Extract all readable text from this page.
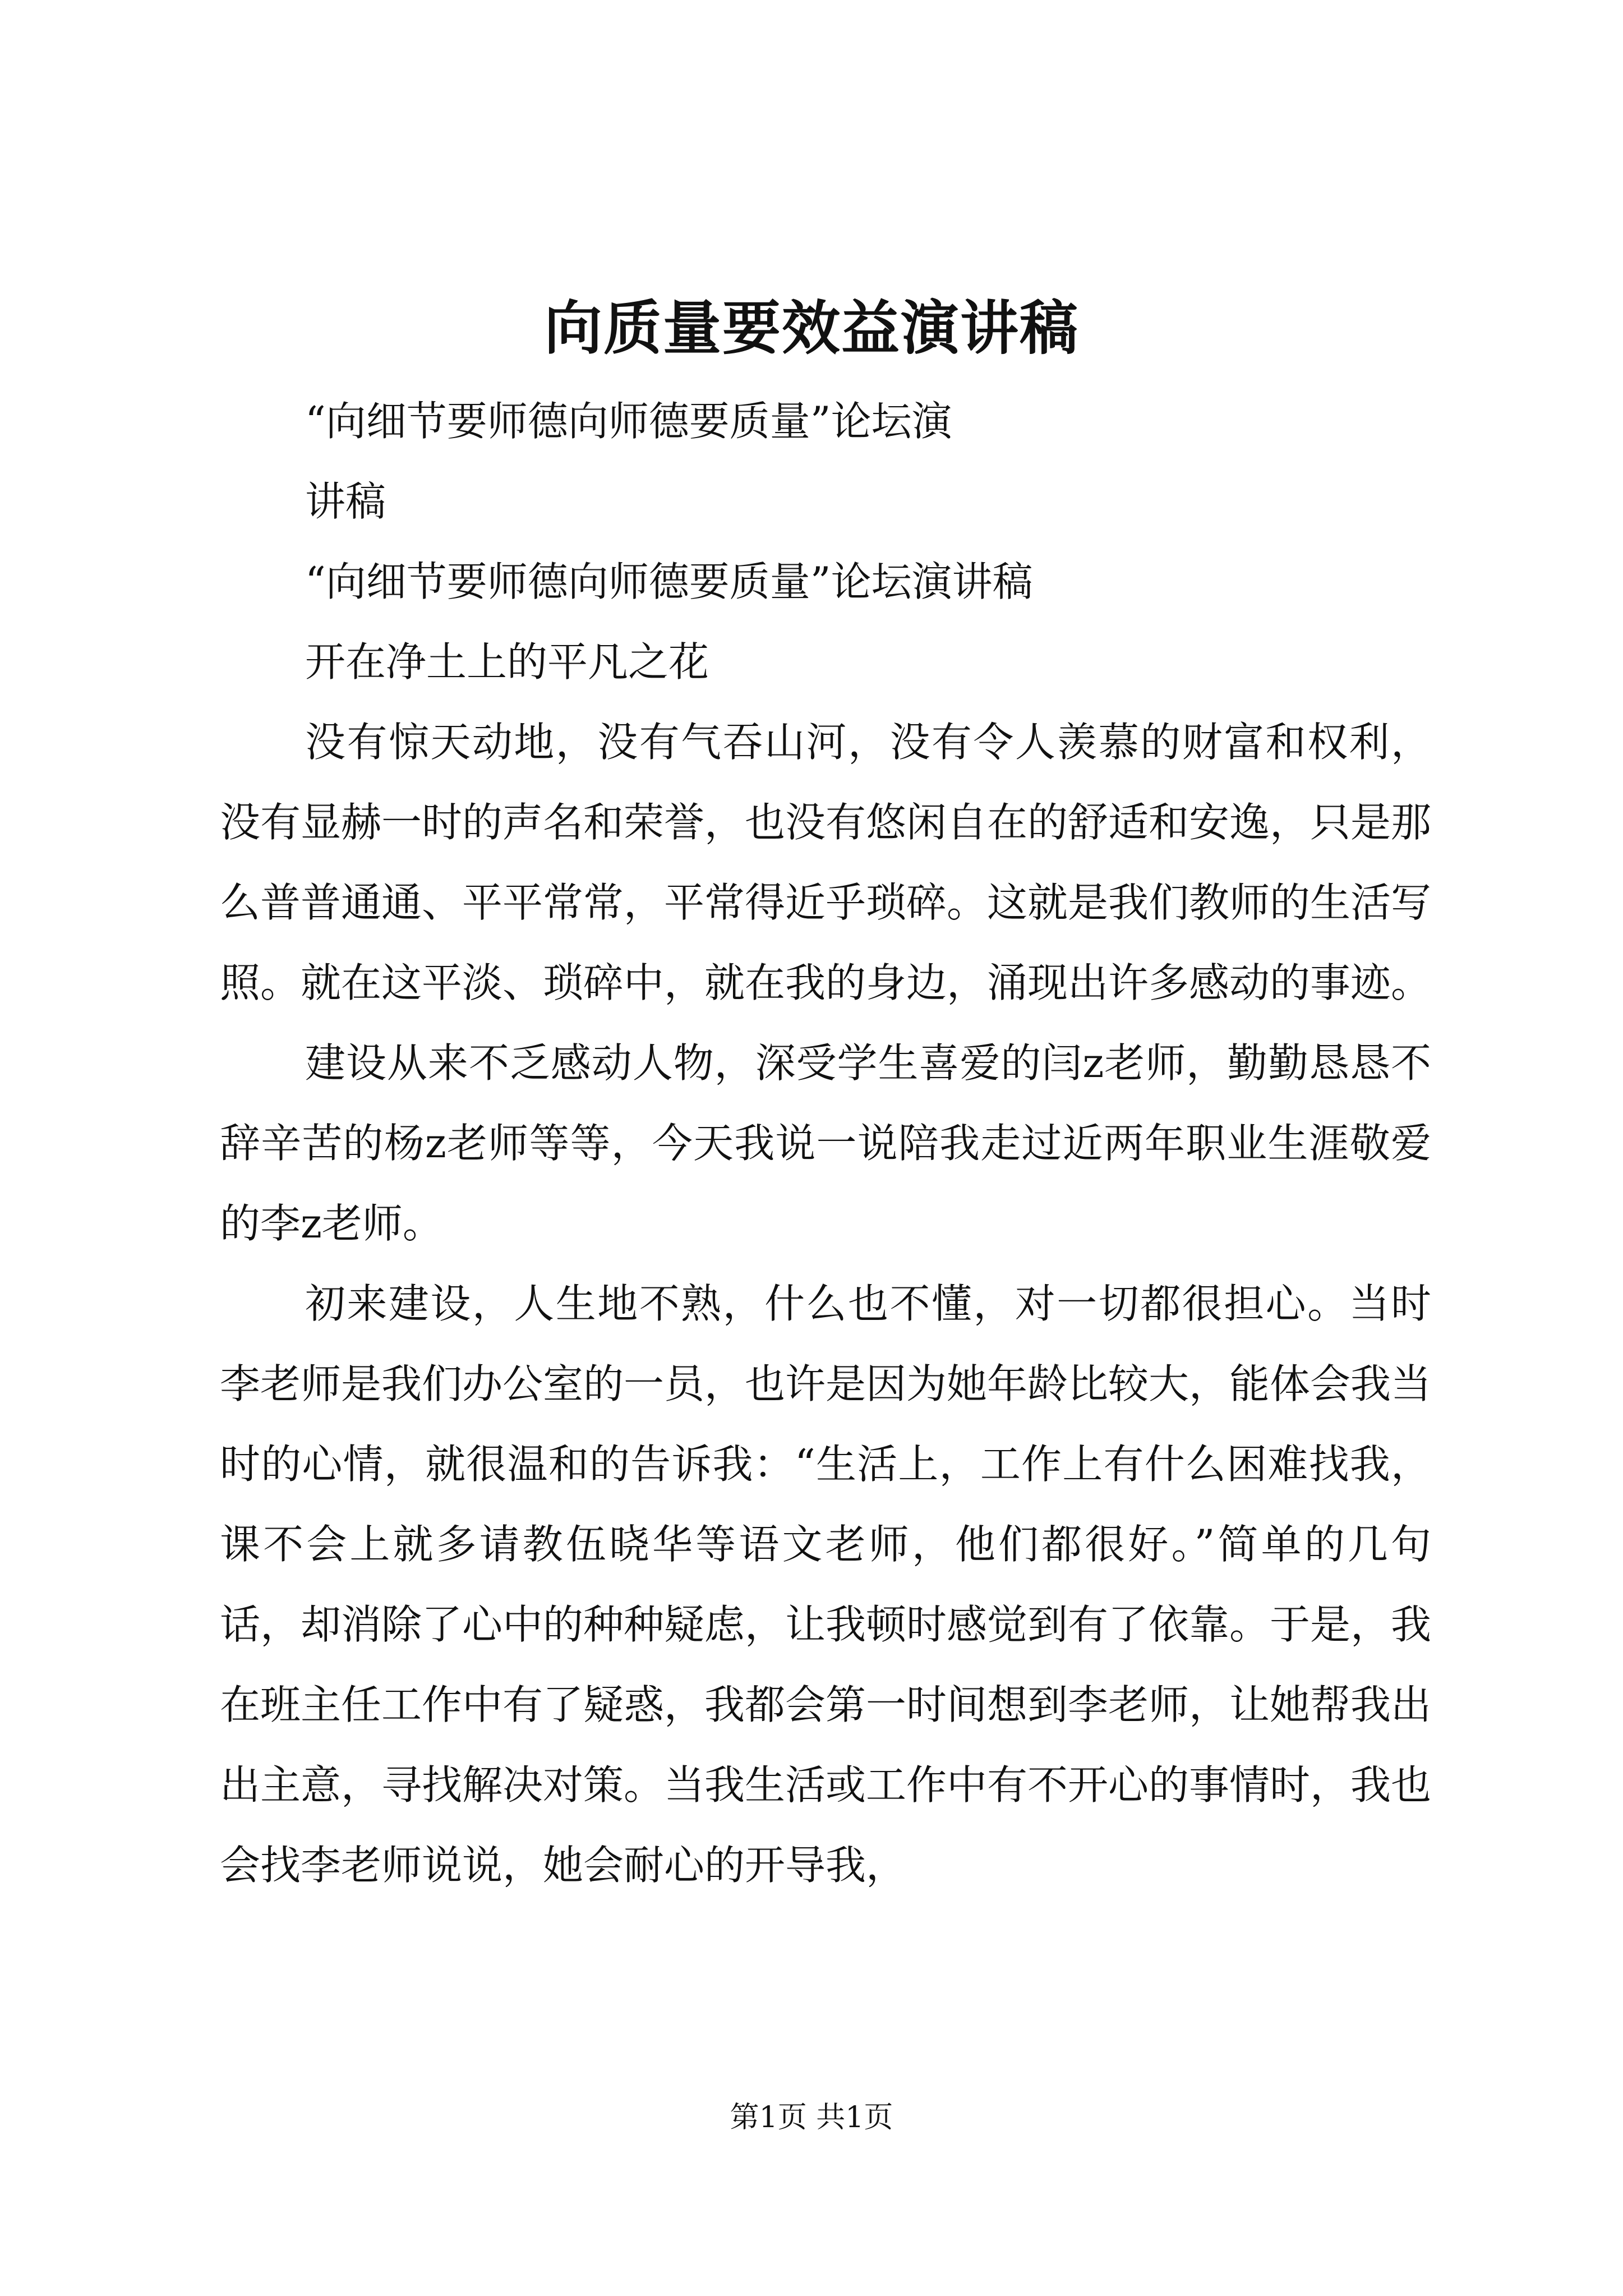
向质量要效益演讲稿

“向细节要师德向师德要质量”论坛演

讲稿

“向细节要师德向师德要质量”论坛演讲稿

开在净土上的平凡之花

没有惊天动地，没有气吞山河，没有令人羡慕的财富和权利，没有显赫一时的声名和荣誉，也没有悠闲自在的舒适和安逸，只是那么普普通通、平平常常，平常得近乎琐碎。这就是我们教师的生活写照。就在这平淡、琐碎中，就在我的身边，涌现出许多感动的事迹。

建设从来不乏感动人物，深受学生喜爱的闫z老师，勤勤恳恳不辞辛苦的杨z老师等等，今天我说一说陪我走过近两年职业生涯敬爱的李z老师。

初来建设，人生地不熟，什么也不懂，对一切都很担心。当时李老师是我们办公室的一员，也许是因为她年龄比较大，能体会我当时的心情，就很温和的告诉我：“生活上，工作上有什么困难找我，课不会上就多请教伍晓华等语文老师，他们都很好。”简单的几句话，却消除了心中的种种疑虑，让我顿时感觉到有了依靠。于是，我在班主任工作中有了疑惑，我都会第一时间想到李老师，让她帮我出出主意，寻找解决对策。当我生活或工作中有不开心的事情时，我也会找李老师说说，她会耐心的开导我，

第1页 共1页
